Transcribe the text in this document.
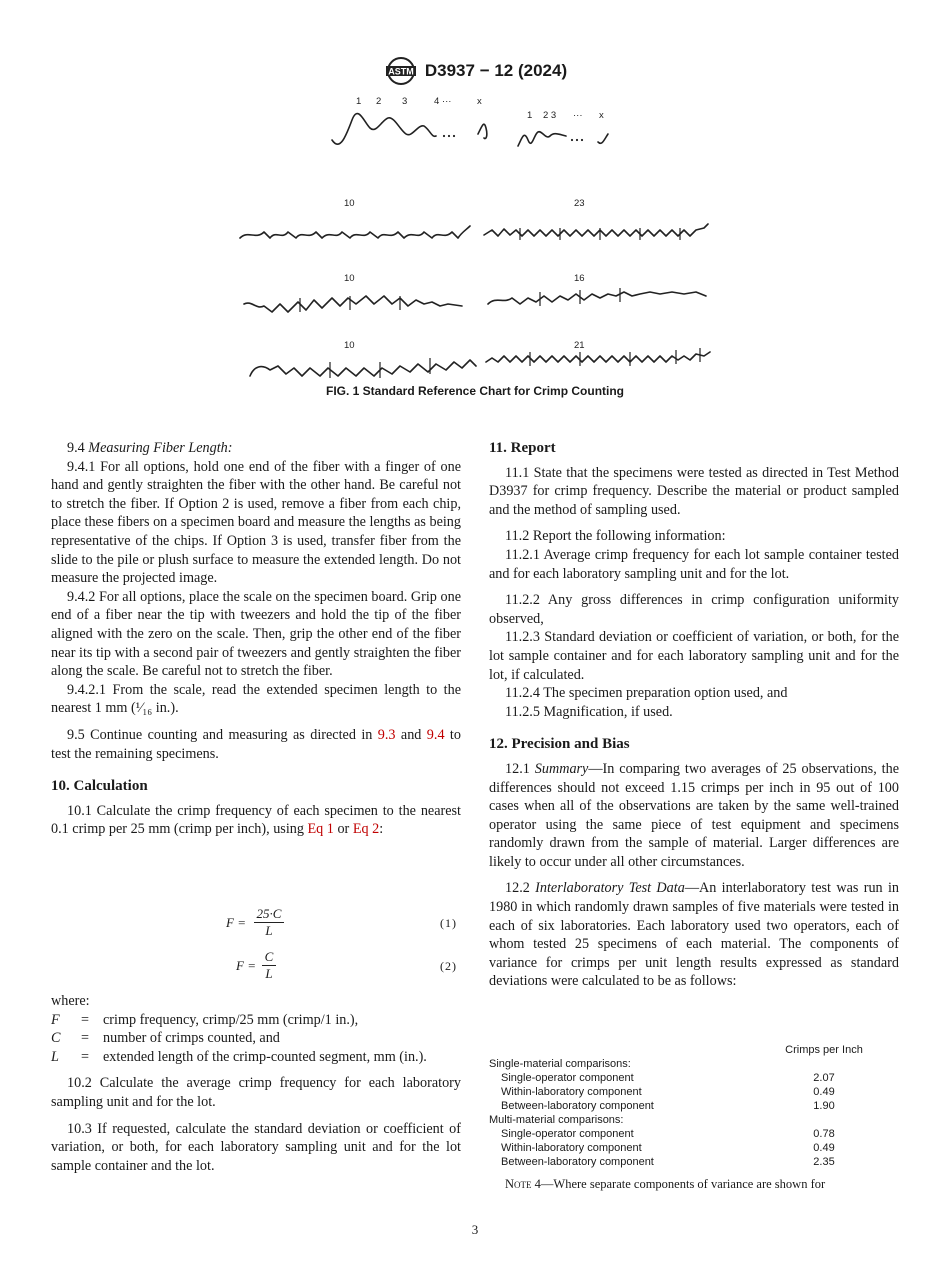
ASTM D3937 − 12 (2024)
1 2 3	4 ···	x
1 2 3 ··· x
10	23
10	16
10	21
FIG. 1 Standard Reference Chart for Crimp Counting

9.4 Measuring Fiber Length:

9.4.1 For all options, hold one end of the fiber with a finger of one hand and gently straighten the fiber with the other hand. Be careful not to stretch the fiber. If Option 2 is used, remove a fiber from each chip, place these fibers on a specimen board and measure the lengths as being representative of the chips. If Option 3 is used, transfer fiber from the slide to the pile or plush surface to measure the extended length. Do not measure the projected image.

9.4.2 For all options, place the scale on the specimen board. Grip one end of a fiber near the tip with tweezers and hold the tip of the fiber aligned with the zero on the scale. Then, grip the other end of the fiber near its tip with a second pair of tweezers and gently straighten the fiber along the scale. Be careful not to stretch the fiber.

9.4.2.1 From the scale, read the extended specimen length to the nearest 1 mm (¹⁄₁₆ in.).

9.5 Continue counting and measuring as directed in 9.3 and 9.4 to test the remaining specimens.

10. Calculation

10.1 Calculate the crimp frequency of each specimen to the nearest 0.1 crimp per 25 mm (crimp per inch), using Eq 1 or Eq 2:

F =
25·C
L	(1)
F =
C
L	(2)
where:
F	= crimp frequency, crimp/25 mm (crimp/1 in.),
C	= number of crimps counted, and
L	= extended length of the crimp-counted segment, mm (in.).

10.2 Calculate the average crimp frequency for each laboratory sampling unit and for the lot.

10.3 If requested, calculate the standard deviation or coefficient of variation, or both, for each laboratory sampling unit and for the lot sample container and the lot.

11. Report

11.1 State that the specimens were tested as directed in Test Method D3937 for crimp frequency. Describe the material or product sampled and the method of sampling used.

11.2 Report the following information:

11.2.1 Average crimp frequency for each lot sample container tested and for each laboratory sampling unit and for the lot.

11.2.2 Any gross differences in crimp configuration uniformity observed,

11.2.3 Standard deviation or coefficient of variation, or both, for the lot sample container and for each laboratory sampling unit and for the lot, if calculated.

11.2.4 The specimen preparation option used, and

11.2.5 Magnification, if used.

12. Precision and Bias

12.1 Summary—In comparing two averages of 25 observations, the differences should not exceed 1.15 crimps per inch in 95 out of 100 cases when all of the observations are taken by the same well-trained operator using the same piece of test equipment and specimens randomly drawn from the sample of material. Larger differences are likely to occur under all other circumstances.

12.2 Interlaboratory Test Data—An interlaboratory test was run in 1980 in which randomly drawn samples of five materials were tested in each of six laboratories. Each laboratory used two operators, each of whom tested 25 specimens of each material. The components of variance for crimps per unit length results expressed as standard deviations were calculated to be as follows:

Crimps per Inch
Single-material comparisons:
Single-operator component	2.07
Within-laboratory component	0.49
Between-laboratory component	1.90
Multi-material comparisons:
Single-operator component	0.78
Within-laboratory component	0.49
Between-laboratory component	2.35
Note 4—Where separate components of variance are shown for
3
